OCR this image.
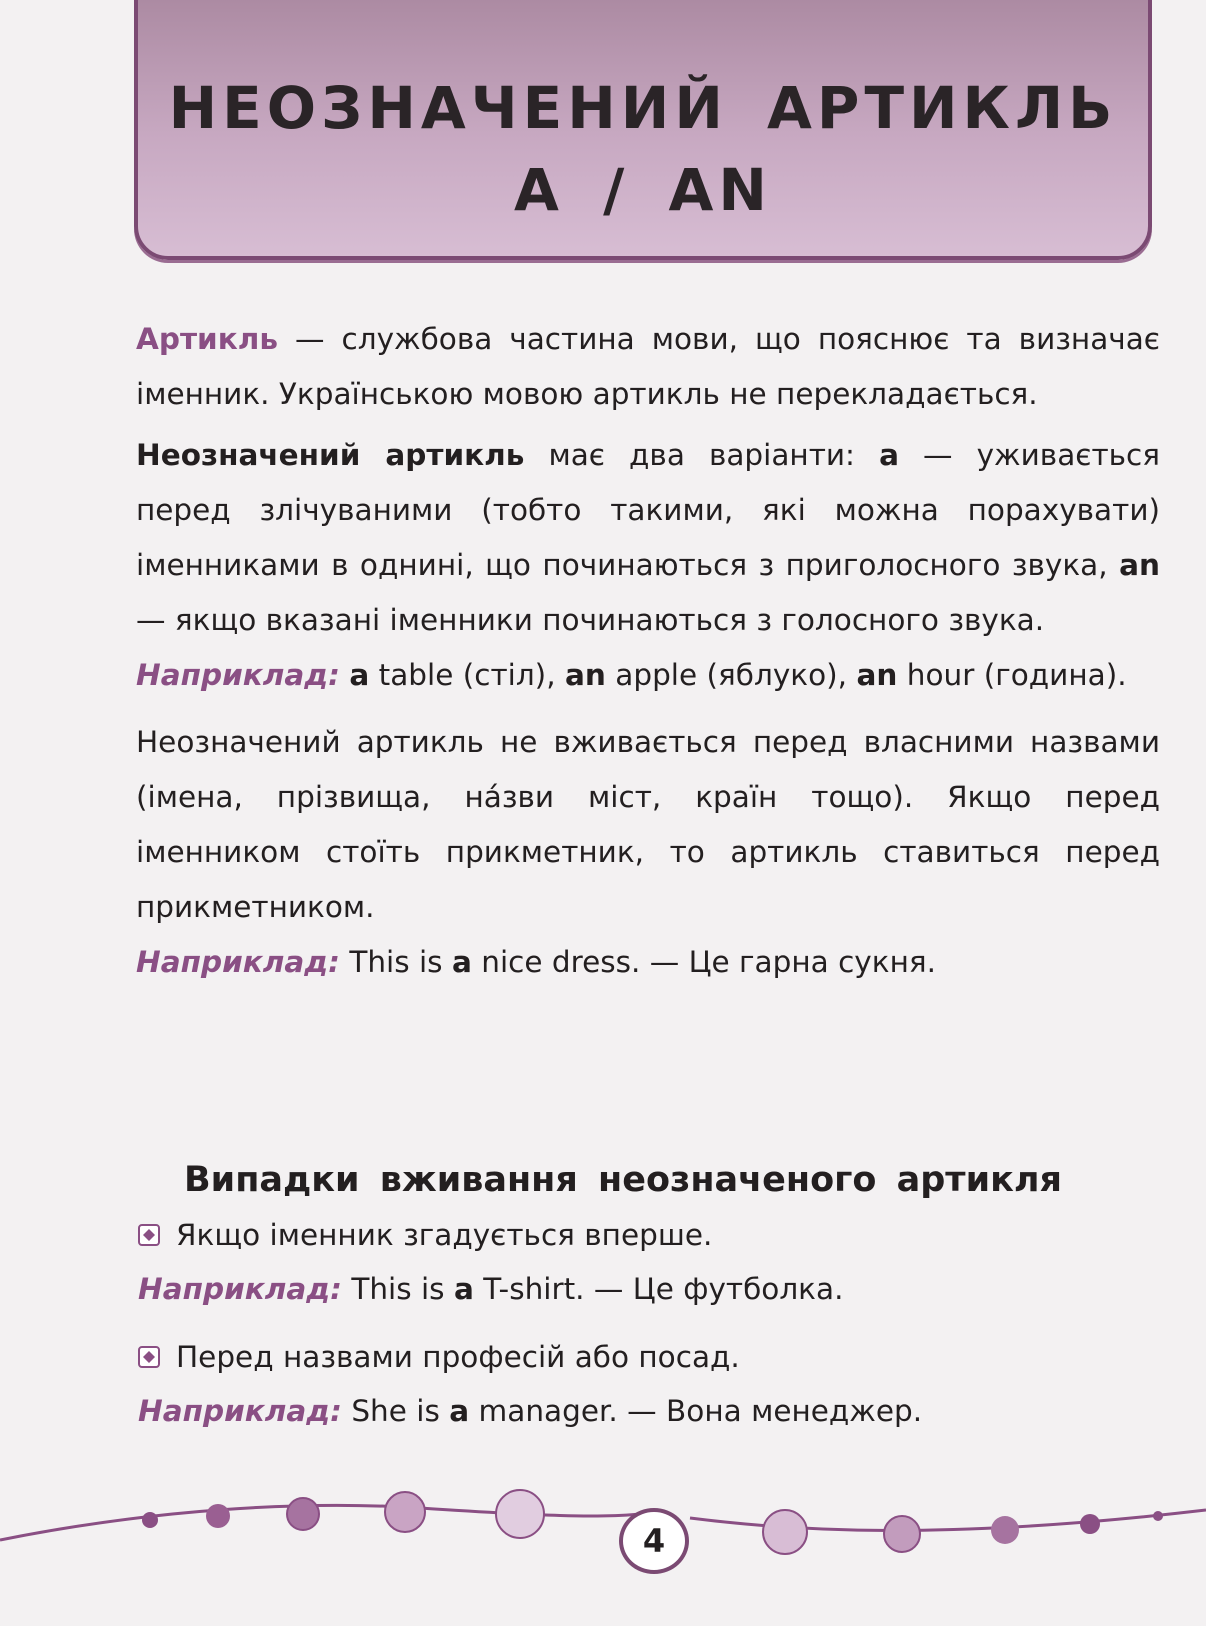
НЕОЗНАЧЕНИЙ АРТИКЛЬ
A / AN

Артикль — службова частина мови, що пояснює та визначає іменник. Українською мовою артикль не перекладається.

Неозначений артикль має два варіанти: a — уживається перед злічуваними (тобто такими, які можна порахувати) іменниками в однині, що починаються з приголосного звука, an — якщо вказані іменники починаються з голосного звука.

Наприклад: a table (стіл), an apple (яблуко), an hour (година).

Неозначений артикль не вживається перед власними назвами (імена, прізвища, на́зви міст, країн тощо). Якщо перед іменником стоїть прикметник, то артикль ставиться перед прикметником.

Наприклад: This is a nice dress. — Це гарна сукня.

Випадки вживання неозначеного артикля

Якщо іменник згадується вперше.

Наприклад: This is a T-shirt. — Це футболка.

Перед назвами професій або посад.

Наприклад: She is a manager. — Вона менеджер.

4
